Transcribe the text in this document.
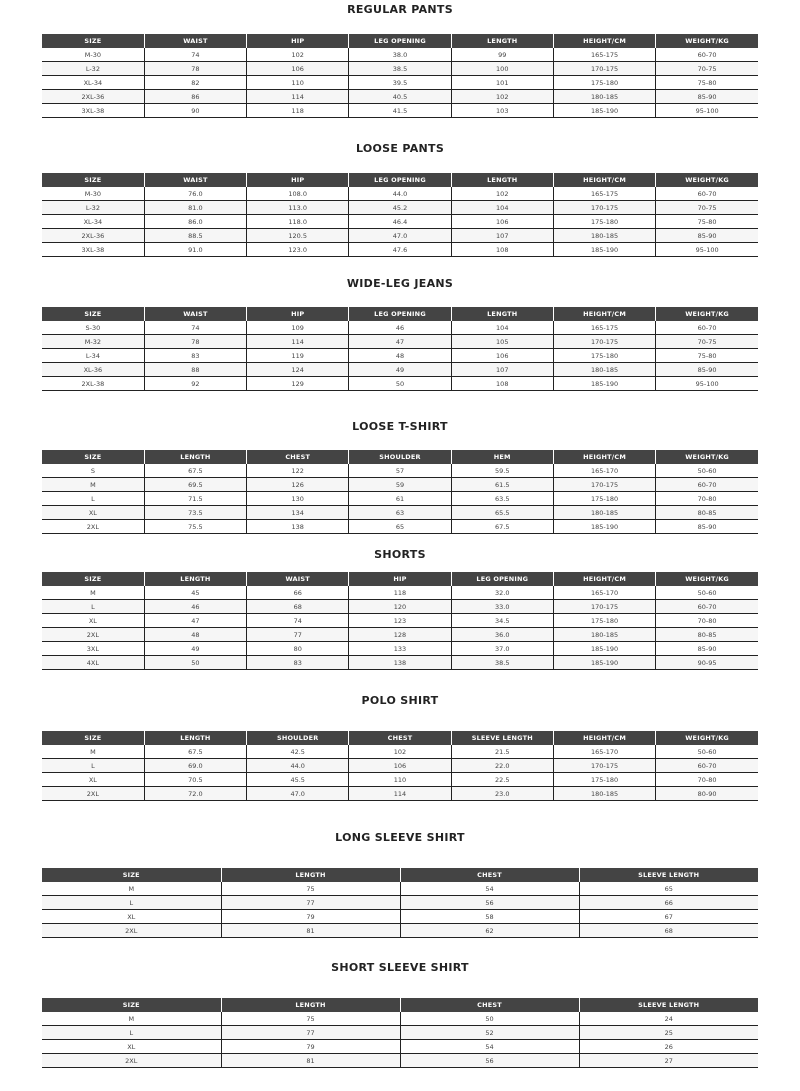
REGULAR PANTS
SIZE	WAIST	HIP	LEG OPENING	LENGTH	HEIGHT/CM	WEIGHT/KG
M-30	74	102	38.0	99	165-175	60-70
L-32	78	106	38.5	100	170-175	70-75
XL-34	82	110	39.5	101	175-180	75-80
2XL-36	86	114	40.5	102	180-185	85-90
3XL-38	90	118	41.5	103	185-190	95-100
LOOSE PANTS
SIZE	WAIST	HIP	LEG OPENING	LENGTH	HEIGHT/CM	WEIGHT/KG
M-30	76.0	108.0	44.0	102	165-175	60-70
L-32	81.0	113.0	45.2	104	170-175	70-75
XL-34	86.0	118.0	46.4	106	175-180	75-80
2XL-36	88.5	120.5	47.0	107	180-185	85-90
3XL-38	91.0	123.0	47.6	108	185-190	95-100
WIDE-LEG JEANS
SIZE	WAIST	HIP	LEG OPENING	LENGTH	HEIGHT/CM	WEIGHT/KG
S-30	74	109	46	104	165-175	60-70
M-32	78	114	47	105	170-175	70-75
L-34	83	119	48	106	175-180	75-80
XL-36	88	124	49	107	180-185	85-90
2XL-38	92	129	50	108	185-190	95-100
LOOSE T-SHIRT
SIZE	LENGTH	CHEST	SHOULDER	HEM	HEIGHT/CM	WEIGHT/KG
S	67.5	122	57	59.5	165-170	50-60
M	69.5	126	59	61.5	170-175	60-70
L	71.5	130	61	63.5	175-180	70-80
XL	73.5	134	63	65.5	180-185	80-85
2XL	75.5	138	65	67.5	185-190	85-90
SHORTS
SIZE	LENGTH	WAIST	HIP	LEG OPENING	HEIGHT/CM	WEIGHT/KG
M	45	66	118	32.0	165-170	50-60
L	46	68	120	33.0	170-175	60-70
XL	47	74	123	34.5	175-180	70-80
2XL	48	77	128	36.0	180-185	80-85
3XL	49	80	133	37.0	185-190	85-90
4XL	50	83	138	38.5	185-190	90-95
POLO SHIRT
SIZE	LENGTH	SHOULDER	CHEST	SLEEVE LENGTH	HEIGHT/CM	WEIGHT/KG
M	67.5	42.5	102	21.5	165-170	50-60
L	69.0	44.0	106	22.0	170-175	60-70
XL	70.5	45.5	110	22.5	175-180	70-80
2XL	72.0	47.0	114	23.0	180-185	80-90
LONG SLEEVE SHIRT
SIZE	LENGTH	CHEST	SLEEVE LENGTH
M	75	54	65
L	77	56	66
XL	79	58	67
2XL	81	62	68
SHORT SLEEVE SHIRT
SIZE	LENGTH	CHEST	SLEEVE LENGTH
M	75	50	24
L	77	52	25
XL	79	54	26
2XL	81	56	27
